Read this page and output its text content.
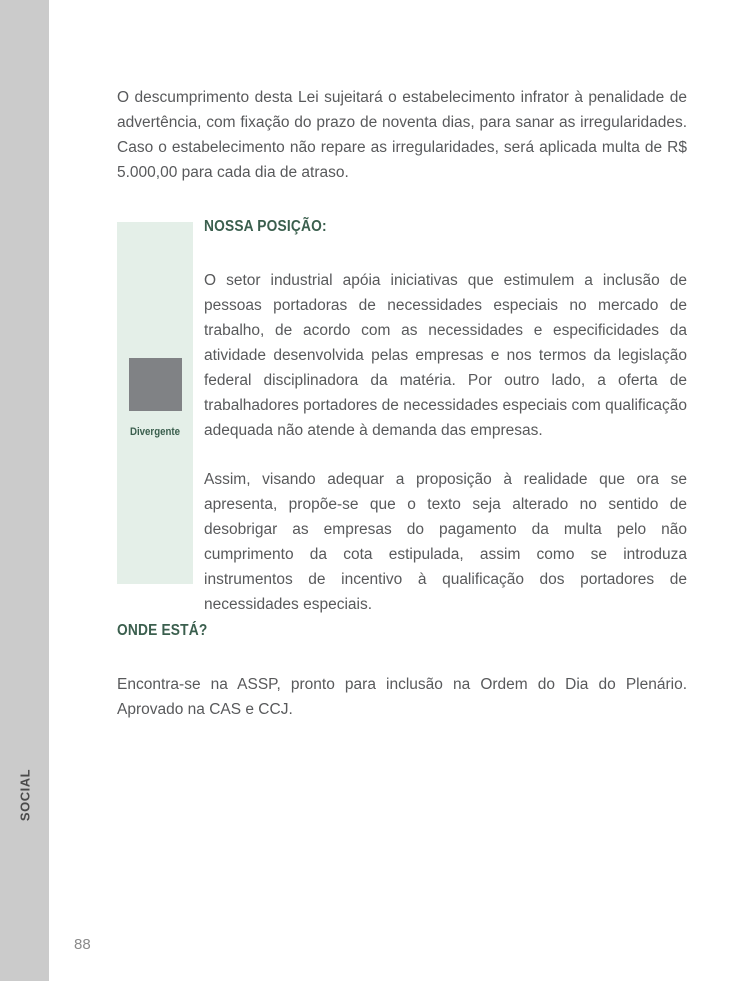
SOCIAL

O descumprimento desta Lei sujeitará o estabelecimento infrator à penalidade de advertência, com fixação do prazo de noventa dias, para sanar as irregularidades. Caso o estabelecimento não repare as irregularidades, será aplicada multa de R$ 5.000,00 para cada dia de atraso.

Divergente
NOSSA POSIÇÃO:

O setor industrial apóia iniciativas que estimulem a inclusão de pessoas portadoras de necessidades especiais no mercado de trabalho, de acordo com as necessidades e especificidades da atividade desenvolvida pelas empresas e nos termos da legislação federal disciplinadora da matéria. Por outro lado, a oferta de trabalhadores portadores de necessidades especiais com qualificação adequada não atende à demanda das empresas.

Assim, visando adequar a proposição à realidade que ora se apresenta, propõe-se que o texto seja alterado no sentido de desobrigar as empresas do pagamento da multa pelo não cumprimento da cota estipulada, assim como se introduza instrumentos de incentivo à qualificação dos portadores de necessidades especiais.

ONDE ESTÁ?

Encontra-se na ASSP, pronto para inclusão na Ordem do Dia do Plenário. Aprovado na CAS e CCJ.

88
